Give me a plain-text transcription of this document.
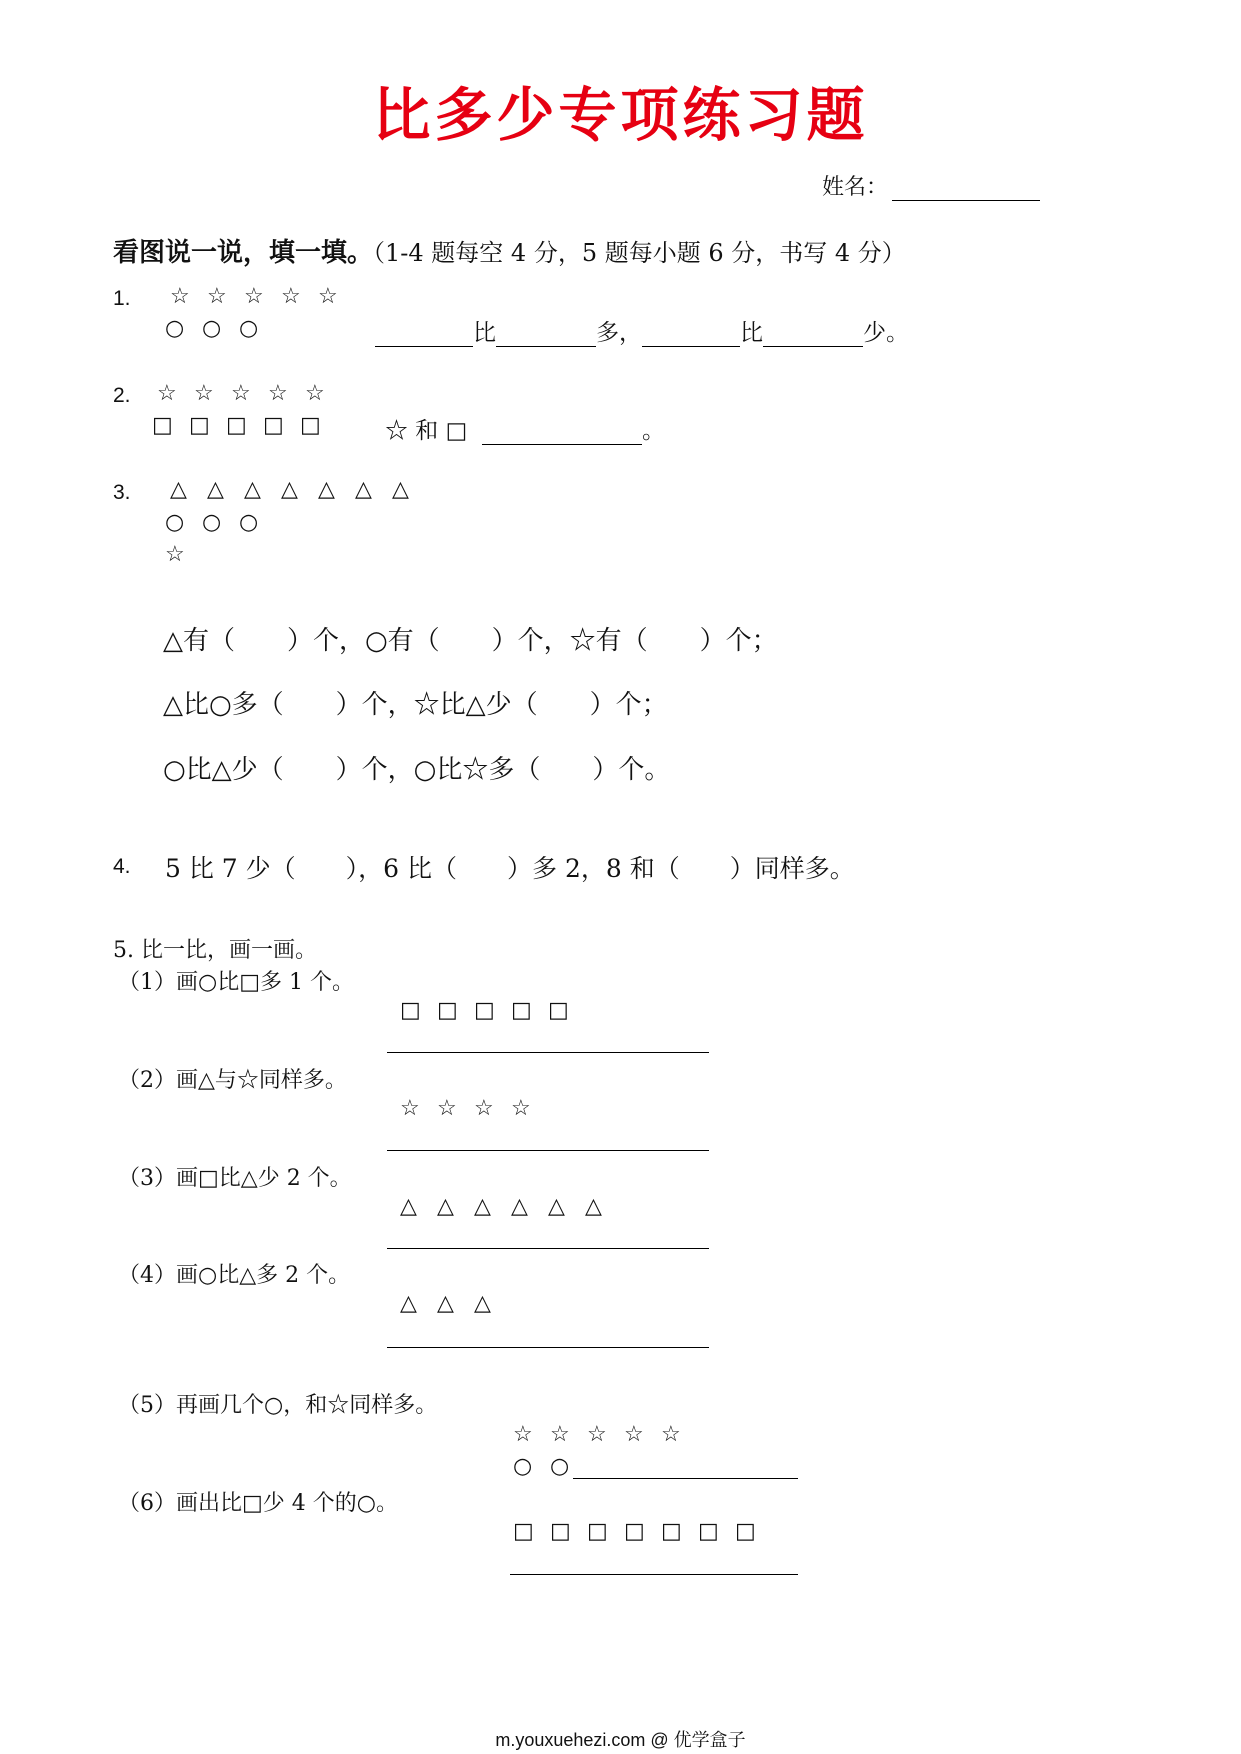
比多少专项练习题
姓名：
看图说一说，填一填。（1-4 题每空 4 分，5 题每小题 6 分，书写 4 分）
1. ☆ ☆ ☆ ☆ ☆
○ ○ ○	比	多，	比	少。
2. ☆ ☆ ☆ ☆ ☆
□ □ □ □ □	☆ 和 □	。
3. △ △ △ △ △ △ △
○ ○ ○
☆
△有（　　）个，○有（　　）个，☆有（　　）个；
△比○多（　　）个，☆比△少（　　）个；
○比△少（　　）个，○比☆多（　　）个。
4. 5 比 7 少（　　），6 比（　　）多 2，8 和（　　）同样多。
5. 比一比，画一画。
（1）画○比□多 1 个。
□ □ □ □ □
（2）画△与☆同样多。
☆ ☆ ☆ ☆
（3）画□比△少 2 个。
△ △ △ △ △ △
（4）画○比△多 2 个。
△ △ △
（5）再画几个○，和☆同样多。
☆ ☆ ☆ ☆ ☆
○ ○
（6）画出比□少 4 个的○。
□ □ □ □ □ □ □
m.youxuehezi.com @ 优学盒子
